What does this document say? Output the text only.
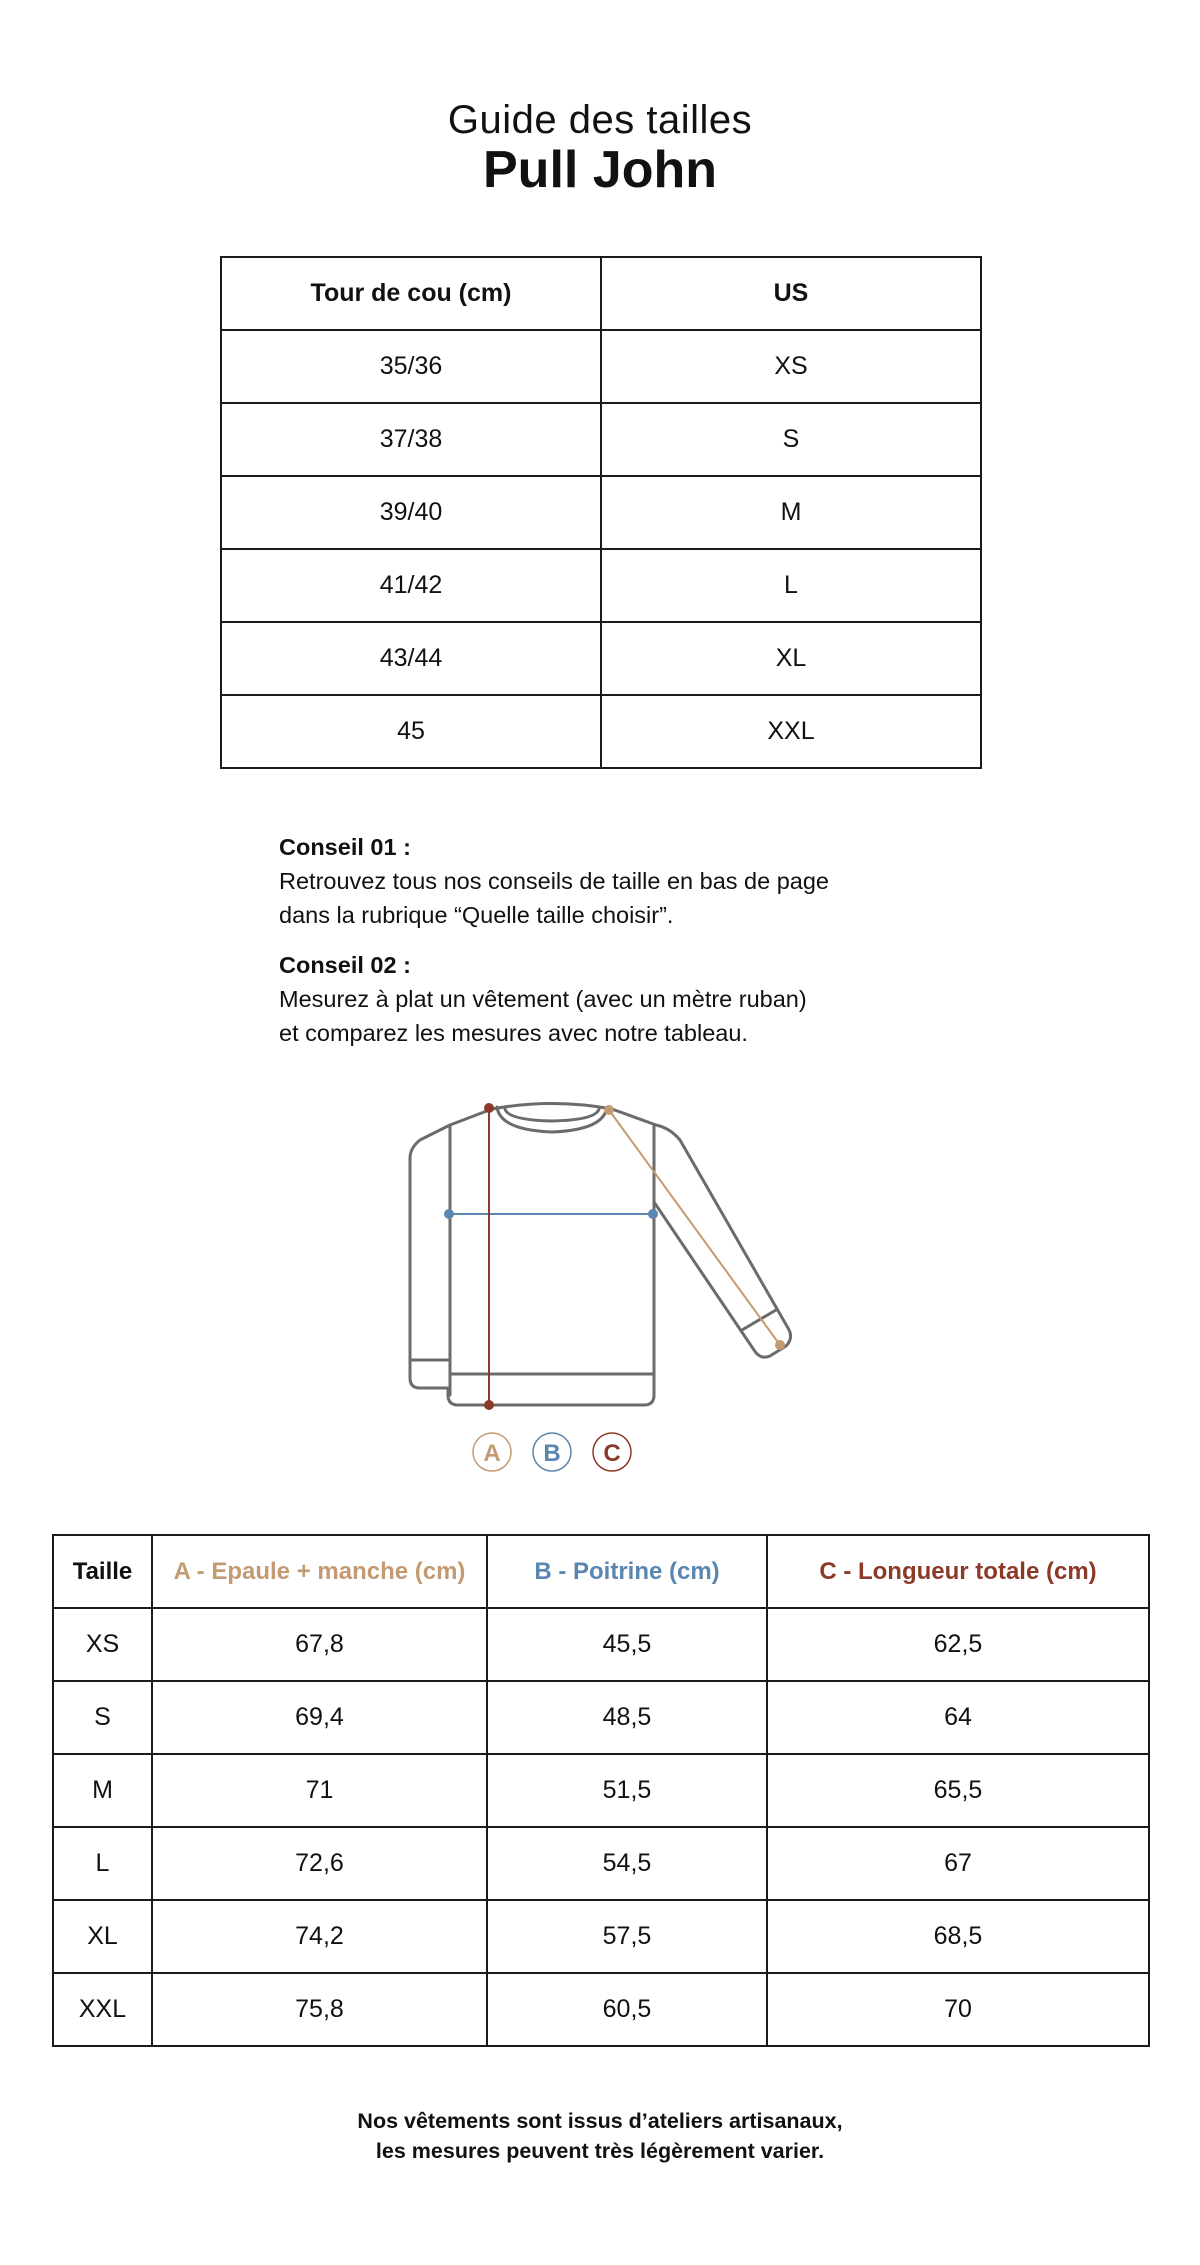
Guide des tailles
Pull John
Tour de cou (cm)	US
35/36	XS
37/38	S
39/40	M
41/42	L
43/44	XL
45	XXL
Conseil 01 :
Retrouvez tous nos conseils de taille en bas de page
dans la rubrique “Quelle taille choisir”.
Conseil 02 :
Mesurez à plat un vêtement (avec un mètre ruban)
et comparez les mesures avec notre tableau.
A B C
Taille	A - Epaule + manche (cm)	B - Poitrine (cm)	C - Longueur totale (cm)
XS	67,8	45,5	62,5
S	69,4	48,5	64
M	71	51,5	65,5
L	72,6	54,5	67
XL	74,2	57,5	68,5
XXL	75,8	60,5	70
Nos vêtements sont issus d’ateliers artisanaux,
les mesures peuvent très légèrement varier.
